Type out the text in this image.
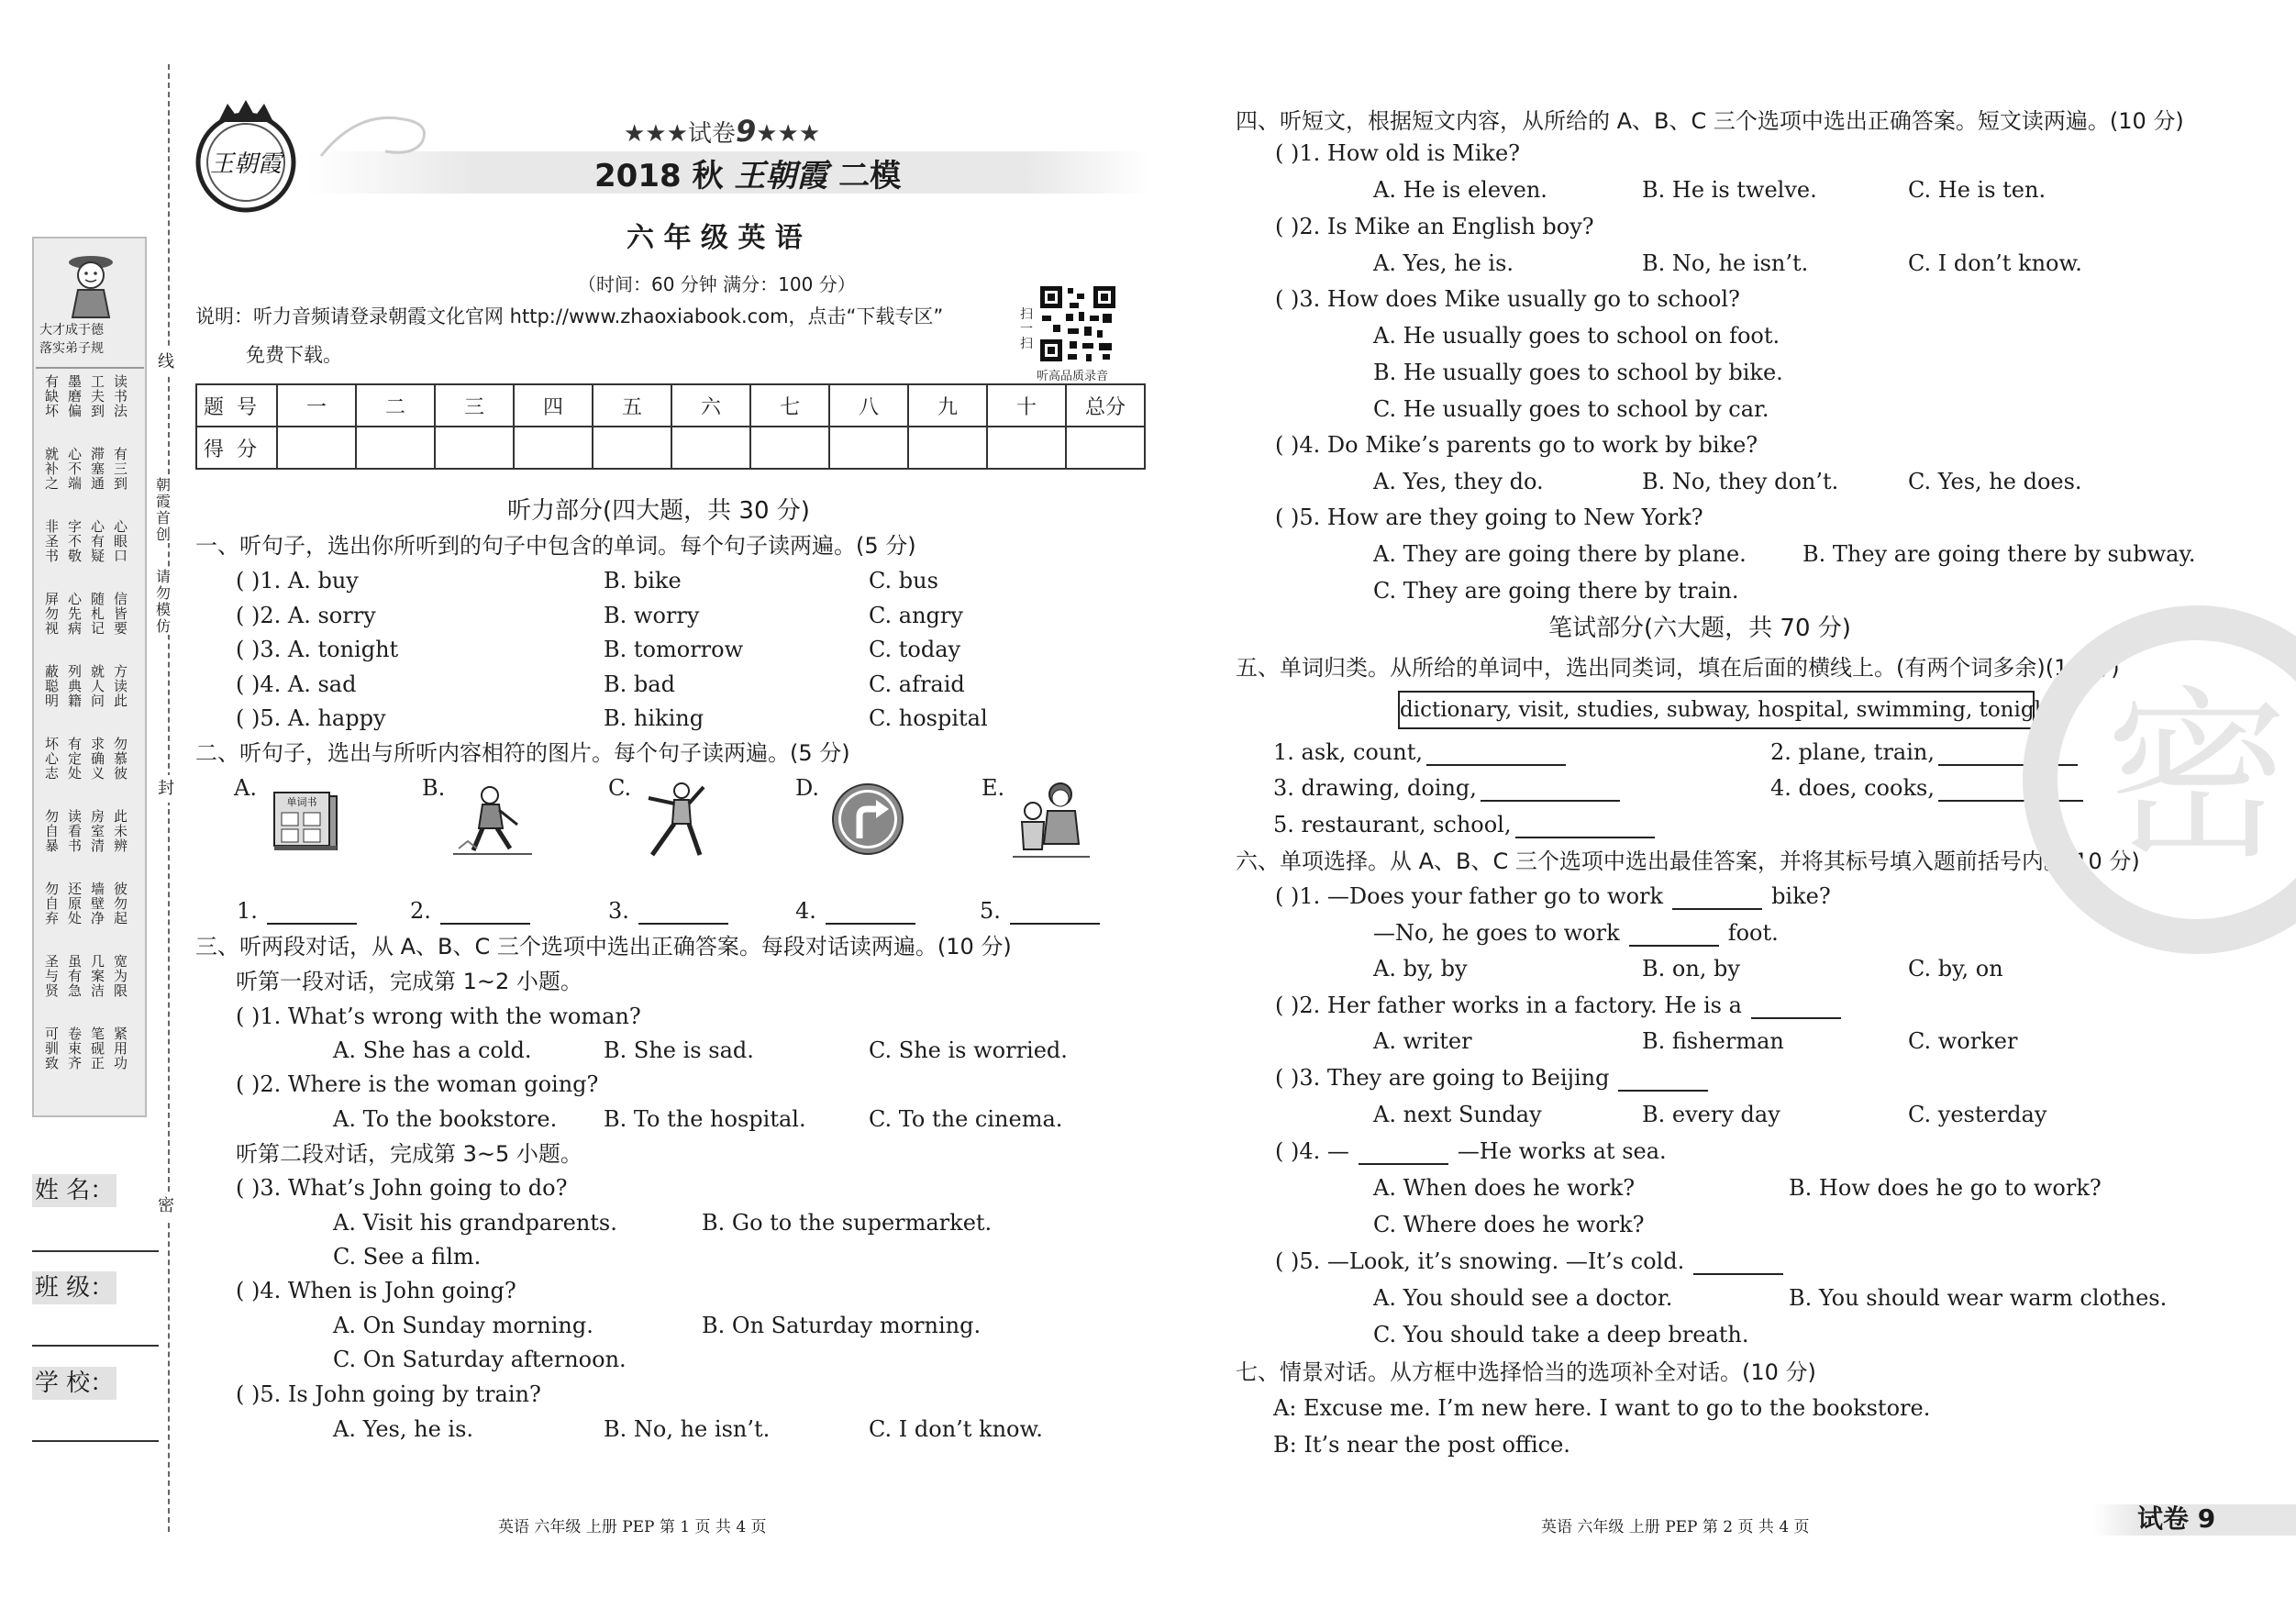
线
朝霞首创
请勿模仿
封
密
大才成于德
落实弟子规
有墨工读缺磨夫书坏偏到法
就心滞有补不塞三之端通到
非字心心圣不有眼书敬疑口
屏心随信勿先札皆视病记要
蔽列就方聪典人读明籍问此
坏有求勿心定确慕志处义彼
勿读房此自看室未暴书清辨
勿还墙彼自原壁勿弃处净起
圣虽几宽与有案为贤急洁限
可卷笔紧驯束砚用致齐正功
姓 名：
班 级：
学 校：
王朝霞
★★★试卷9★★★
2018 秋 王朝霞 二模
六 年 级 英 语
（时间：60 分钟 满分：100 分）
说明：听力音频请登录朝霞文化官网 http://www.zhaoxiabook.com，点击“下载专区”
免费下载。
扫一扫
听高品质录音
题号	一	二	三	四	五	六	七	八	九	十	总分
得分											
听力部分(四大题，共 30 分)
一、听句子，选出你所听到的句子中包含的单词。每个句子读两遍。(5 分)
( )1. A. buy	B. bike	C. bus
( )2. A. sorry	B. worry	C. angry
( )3. A. tonight	B. tomorrow	C. today
( )4. A. sad	B. bad	C. afraid
( )5. A. happy	B. hiking	C. hospital
二、听句子，选出与所听内容相符的图片。每个句子读两遍。(5 分)
A.	B.	C.	D.	E.
单词书
1.	2.	3.	4.	5.
三、听两段对话，从 A、B、C 三个选项中选出正确答案。每段对话读两遍。(10 分)
听第一段对话，完成第 1~2 小题。
( )1. What’s wrong with the woman?
A. She has a cold.	B. She is sad.	C. She is worried.
( )2. Where is the woman going?
A. To the bookstore. B. To the hospital.	C. To the cinema.
听第二段对话，完成第 3~5 小题。
( )3. What’s John going to do?
A. Visit his grandparents.	B. Go to the supermarket.
C. See a film.
( )4. When is John going?
A. On Sunday morning.	B. On Saturday morning.
C. On Saturday afternoon.
( )5. Is John going by train?
A. Yes, he is.	B. No, he isn’t.	C. I don’t know.
四、听短文，根据短文内容，从所给的 A、B、C 三个选项中选出正确答案。短文读两遍。(10 分)
( )1. How old is Mike?
A. He is eleven.	B. He is twelve.	C. He is ten.
( )2. Is Mike an English boy?
A. Yes, he is.	B. No, he isn’t.	C. I don’t know.
( )3. How does Mike usually go to school?
A. He usually goes to school on foot.
B. He usually goes to school by bike.
C. He usually goes to school by car.
( )4. Do Mike’s parents go to work by bike?
A. Yes, they do.	B. No, they don’t.	C. Yes, he does.
( )5. How are they going to New York?
A. They are going there by plane.	B. They are going there by subway.
C. They are going there by train.
笔试部分(六大题，共 70 分)
五、单词归类。从所给的单词中，选出同类词，填在后面的横线上。(有两个词多余)(10 分)
dictionary, visit, studies, subway, hospital, swimming, tonight
1. ask, count,	2. plane, train,
3. drawing, doing,	4. does, cooks,
5. restaurant, school,
六、单项选择。从 A、B、C 三个选项中选出最佳答案，并将其标号填入题前括号内。(10 分)
( )1. —Does your father go to work	bike?
—No, he goes to work	foot.
A. by, by	B. on, by	C. by, on
( )2. Her father works in a factory. He is a
A. writer	B. fisherman	C. worker
( )3. They are going to Beijing
A. next Sunday	B. every day	C. yesterday
( )4. —	—He works at sea.
A. When does he work?	B. How does he go to work?
C. Where does he work?
( )5. —Look, it’s snowing. —It’s cold.
A. You should see a doctor.	B. You should wear warm clothes.
C. You should take a deep breath.
七、情景对话。从方框中选择恰当的选项补全对话。(10 分)
A: Excuse me. I’m new here. I want to go to the bookstore.
B: It’s near the post office.
密
英语 六年级 上册 PEP 第 1 页 共 4 页	英语 六年级 上册 PEP 第 2 页 共 4 页	试卷 9
